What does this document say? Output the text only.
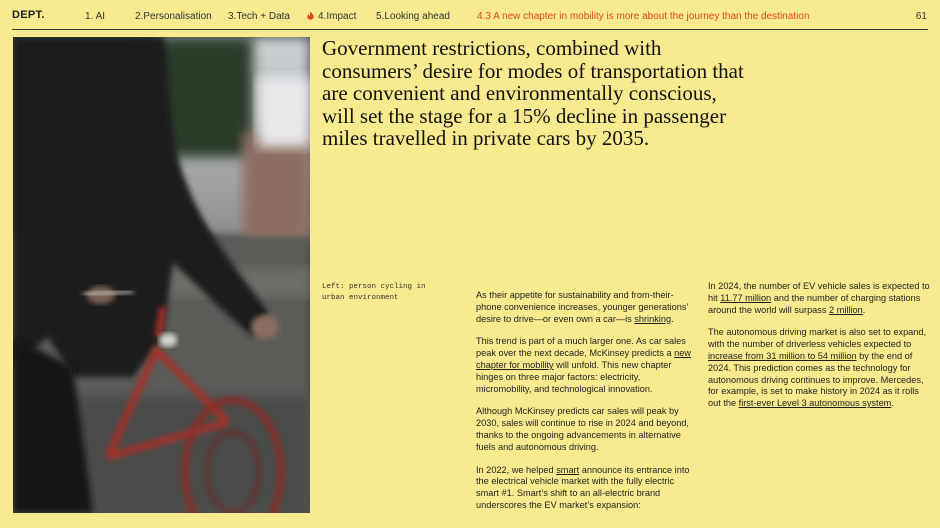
DEPT.	1. AI	2.Personalisation 3.Tech + Data	4.Impact 5.Looking ahead	4.3 A new chapter in mobility is more about the journey than the destination	61
Government restrictions, combined with consumers’ desire for modes of transportation that are convenient and environmentally conscious, will set the stage for a 15% decline in passenger miles travelled in private cars by 2035.
Left: person cycling in urban environment	As their appetite for sustainability and from-their-phone convenience increases, younger generations’ desire to drive—or even own a car—is shrinking.

This trend is part of a much larger one. As car sales peak over the next decade, McKinsey predicts a new chapter for mobility will unfold. This new chapter hinges on three major factors: electricity, micromobility, and technological innovation.

Although McKinsey predicts car sales will peak by 2030, sales will continue to rise in 2024 and beyond, thanks to the ongoing advancements in alternative fuels and autonomous driving.

In 2022, we helped smart announce its entrance into the electrical vehicle market with the fully electric smart #1. Smart’s shift to an all-electric brand underscores the EV market’s expansion:

In 2024, the number of EV vehicle sales is expected to hit 11.77 million and the number of charging stations around the world will surpass 2 million.

The autonomous driving market is also set to expand, with the number of driverless vehicles expected to increase from 31 million to 54 million by the end of 2024. This prediction comes as the technology for autonomous driving continues to improve. Mercedes, for example, is set to make history in 2024 as it rolls out the first-ever Level 3 autonomous system.
